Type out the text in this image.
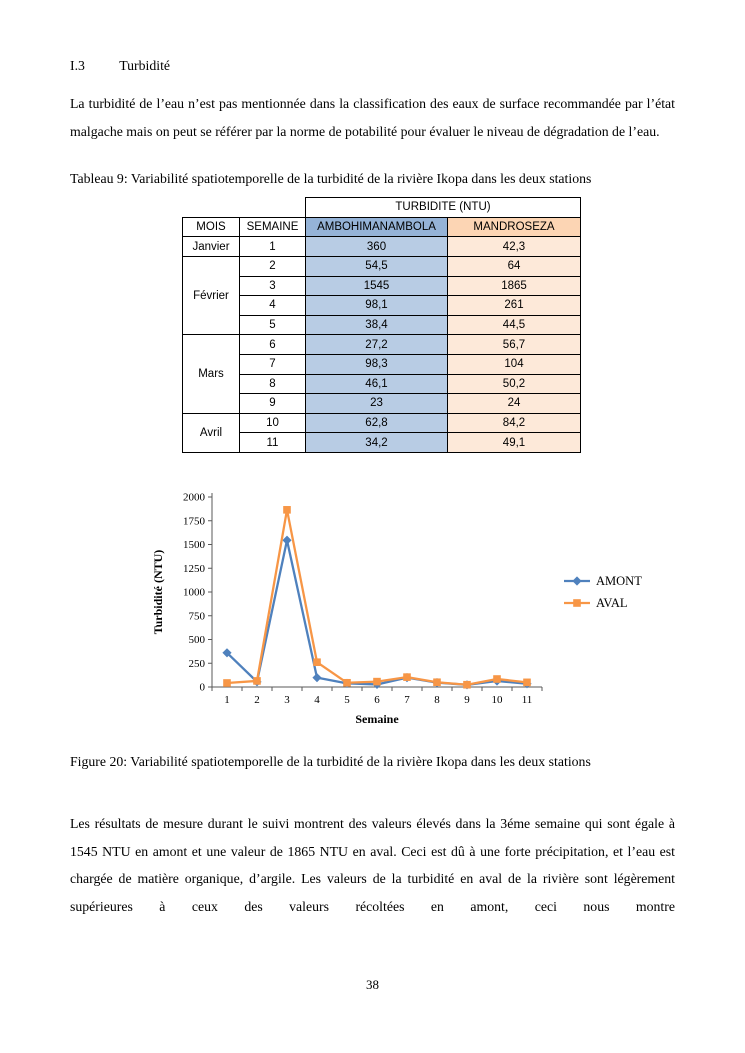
I.3 Turbidité

La turbidité de l’eau n’est pas mentionnée dans la classification des eaux de surface recommandée par l’état malgache mais on peut se référer par la norme de potabilité pour évaluer le niveau de dégradation de l’eau.

Tableau 9: Variabilité spatiotemporelle de la turbidité de la rivière Ikopa dans les deux stations

		TURBIDITE (NTU)	
MOIS	SEMAINE	AMBOHIMANAMBOLA	MANDROSEZA
Janvier	1	360	42,3
Février	2	54,5	64
	3	1545	1865
	4	98,1	261
	5	38,4	44,5
Mars	6	27,2	56,7
	7	98,3	104
	8	46,1	50,2
	9	23	24
Avril	10	62,8	84,2
	11	34,2	49,1
0
250
500
750
1000
1250
1500
1750
2000
1 2 3 4 5 6 7 8 9 10 11
Semaine
Turbidité (NTU)	AMONT
AVAL

Figure 20: Variabilité spatiotemporelle de la turbidité de la rivière Ikopa dans les deux stations

Les résultats de mesure durant le suivi montrent des valeurs élevés dans la 3éme semaine qui sont égale à 1545 NTU en amont et une valeur de 1865 NTU en aval. Ceci est dû à une forte précipitation, et l’eau est chargée de matière organique, d’argile. Les valeurs de la turbidité en aval de la rivière sont légèrement supérieures à ceux des valeurs récoltées en amont, ceci nous montre

38
